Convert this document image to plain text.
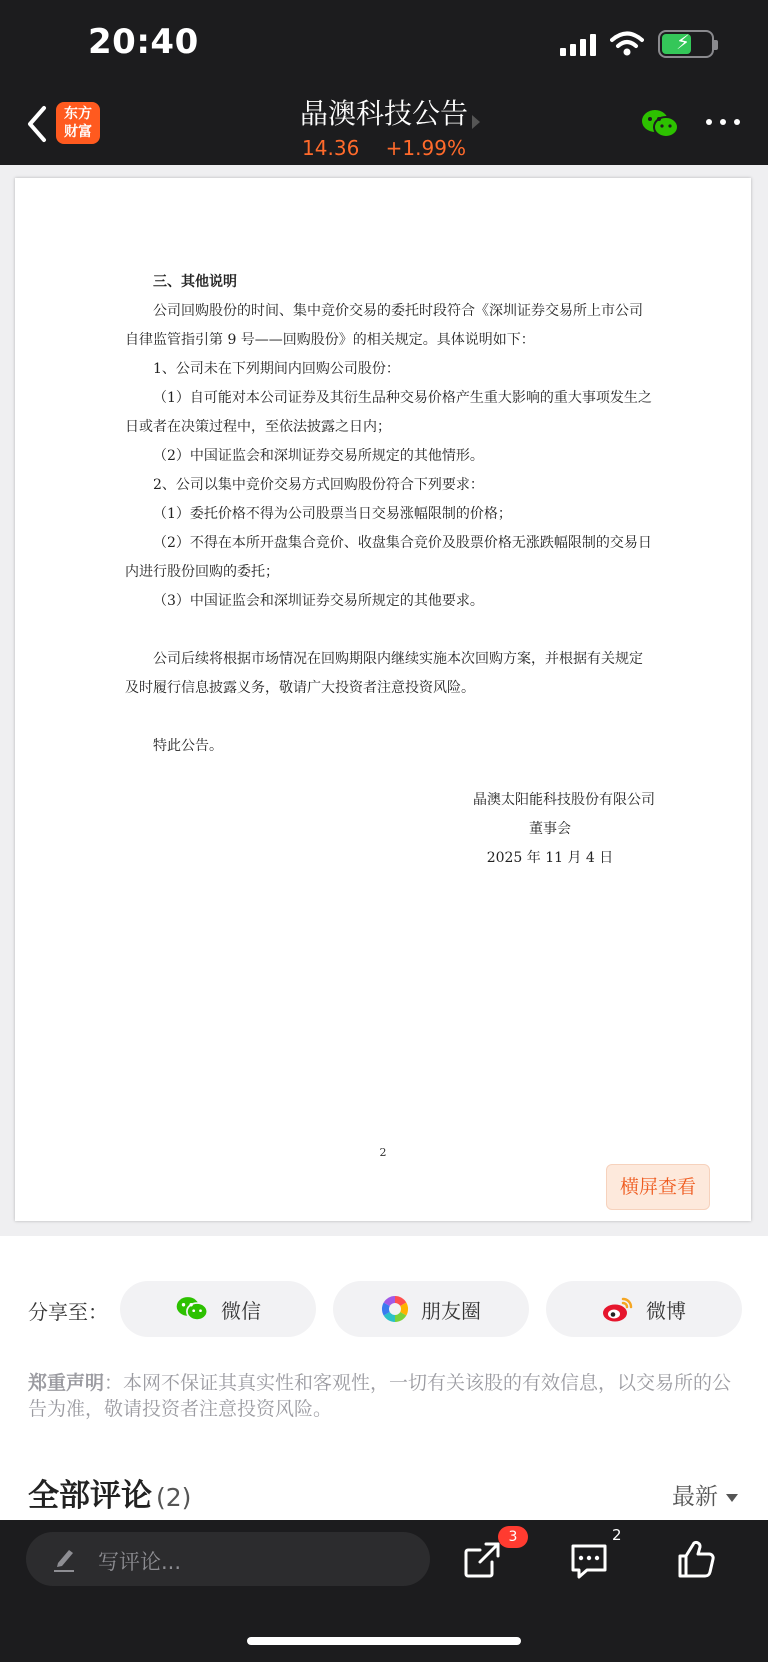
20:40	⚡
东方
财富
晶澳科技公告
14.36 +1.99%

三、其他说明

公司回购股份的时间、集中竞价交易的委托时段符合《深圳证券交易所上市公司自律监管指引第 9 号——回购股份》的相关规定。具体说明如下：

1、公司未在下列期间内回购公司股份：

（1）自可能对本公司证券及其衍生品种交易价格产生重大影响的重大事项发生之日或者在决策过程中，至依法披露之日内；

（2）中国证监会和深圳证券交易所规定的其他情形。

2、公司以集中竞价交易方式回购股份符合下列要求：

（1）委托价格不得为公司股票当日交易涨幅限制的价格；

（2）不得在本所开盘集合竞价、收盘集合竞价及股票价格无涨跌幅限制的交易日内进行股份回购的委托；

（3）中国证监会和深圳证券交易所规定的其他要求。

公司后续将根据市场情况在回购期限内继续实施本次回购方案，并根据有关规定及时履行信息披露义务，敬请广大投资者注意投资风险。

特此公告。

晶澳太阳能科技股份有限公司

董事会

2025 年 11 月 4 日

2
横屏查看
分享至：	微信	朋友圈	微博
郑重声明：本网不保证其真实性和客观性，一切有关该股的有效信息，以交易所的公告为准，敬请投资者注意投资风险。
全部评论 (2)	最新
写评论...
3	2
